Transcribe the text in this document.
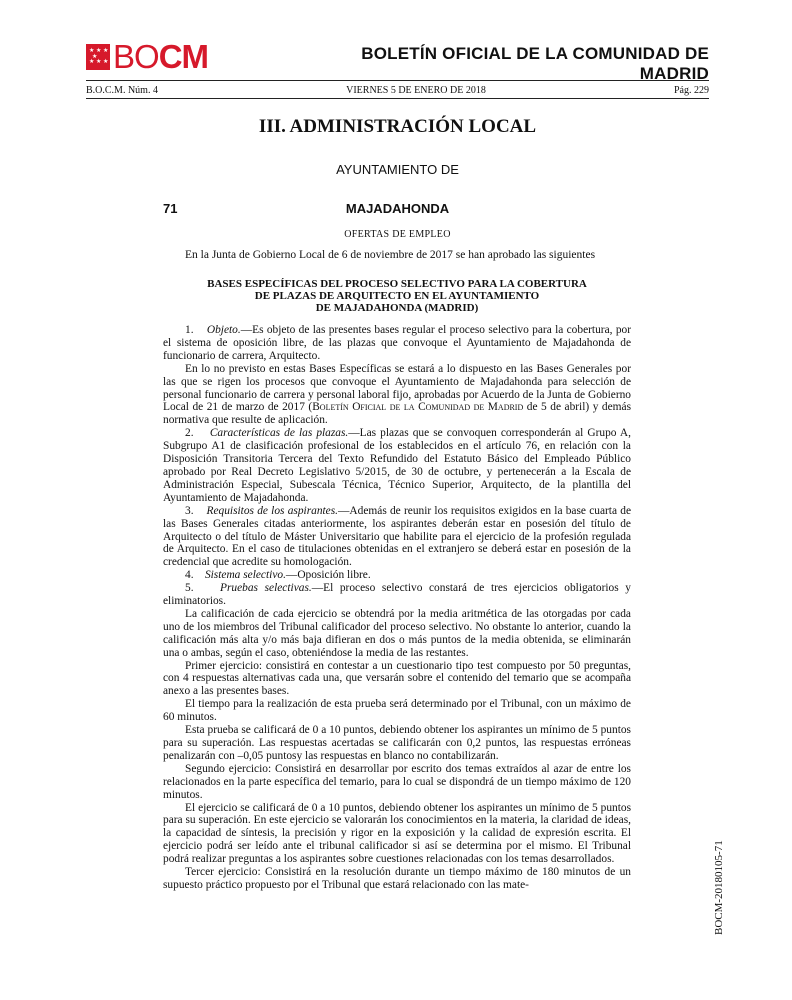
★ ★ ★
★ ★ ★
★ BOCM	BOLETÍN OFICIAL DE LA COMUNIDAD DE MADRID
B.O.C.M. Núm. 4	VIERNES 5 DE ENERO DE 2018	Pág. 229
III. ADMINISTRACIÓN LOCAL
AYUNTAMIENTO DE
MAJADAHONDA
71
OFERTAS DE EMPLEO
En la Junta de Gobierno Local de 6 de noviembre de 2017 se han aprobado las siguientes
BASES ESPECÍFICAS DEL PROCESO SELECTIVO PARA LA COBERTURA
DE PLAZAS DE ARQUITECTO EN EL AYUNTAMIENTO
DE MAJADAHONDA (MADRID)

1. Objeto.—Es objeto de las presentes bases regular el proceso selectivo para la cobertura, por el sistema de oposición libre, de las plazas que convoque el Ayuntamiento de Majadahonda de funcionario de carrera, Arquitecto.

En lo no previsto en estas Bases Específicas se estará a lo dispuesto en las Bases Generales por las que se rigen los procesos que convoque el Ayuntamiento de Majadahonda para selección de personal funcionario de carrera y personal laboral fijo, aprobadas por Acuerdo de la Junta de Gobierno Local de 21 de marzo de 2017 (Boletín Oficial de la Comunidad de Madrid de 5 de abril) y demás normativa que resulte de aplicación.

2. Características de las plazas.—Las plazas que se convoquen corresponderán al Grupo A, Subgrupo A1 de clasificación profesional de los establecidos en el artículo 76, en relación con la Disposición Transitoria Tercera del Texto Refundido del Estatuto Básico del Empleado Público aprobado por Real Decreto Legislativo 5/2015, de 30 de octubre, y pertenecerán a la Escala de Administración Especial, Subescala Técnica, Técnico Superior, Arquitecto, de la plantilla del Ayuntamiento de Majadahonda.

3. Requisitos de los aspirantes.—Además de reunir los requisitos exigidos en la base cuarta de las Bases Generales citadas anteriormente, los aspirantes deberán estar en posesión del título de Arquitecto o del título de Máster Universitario que habilite para el ejercicio de la profesión regulada de Arquitecto. En el caso de titulaciones obtenidas en el extranjero se deberá estar en posesión de la credencial que acredite su homologación.

4. Sistema selectivo.—Oposición libre.

5. Pruebas selectivas.—El proceso selectivo constará de tres ejercicios obligatorios y eliminatorios.

La calificación de cada ejercicio se obtendrá por la media aritmética de las otorgadas por cada uno de los miembros del Tribunal calificador del proceso selectivo. No obstante lo anterior, cuando la calificación más alta y/o más baja difieran en dos o más puntos de la media obtenida, se eliminarán una o ambas, según el caso, obteniéndose la media de las restantes.

Primer ejercicio: consistirá en contestar a un cuestionario tipo test compuesto por 50 preguntas, con 4 respuestas alternativas cada una, que versarán sobre el contenido del temario que se acompaña anexo a las presentes bases.

El tiempo para la realización de esta prueba será determinado por el Tribunal, con un máximo de 60 minutos.

Esta prueba se calificará de 0 a 10 puntos, debiendo obtener los aspirantes un mínimo de 5 puntos para su superación. Las respuestas acertadas se calificarán con 0,2 puntos, las respuestas erróneas penalizarán con –0,05 puntosy las respuestas en blanco no contabilizarán.

Segundo ejercicio: Consistirá en desarrollar por escrito dos temas extraídos al azar de entre los relacionados en la parte específica del temario, para lo cual se dispondrá de un tiempo máximo de 120 minutos.

El ejercicio se calificará de 0 a 10 puntos, debiendo obtener los aspirantes un mínimo de 5 puntos para su superación. En este ejercicio se valorarán los conocimientos en la materia, la claridad de ideas, la capacidad de síntesis, la precisión y rigor en la exposición y la calidad de expresión escrita. El ejercicio podrá ser leído ante el tribunal calificador si así se determina por el mismo. El Tribunal podrá realizar preguntas a los aspirantes sobre cuestiones relacionadas con los temas desarrollados.

Tercer ejercicio: Consistirá en la resolución durante un tiempo máximo de 180 minutos de un supuesto práctico propuesto por el Tribunal que estará relacionado con las mate-	BOCM-20180105-71
